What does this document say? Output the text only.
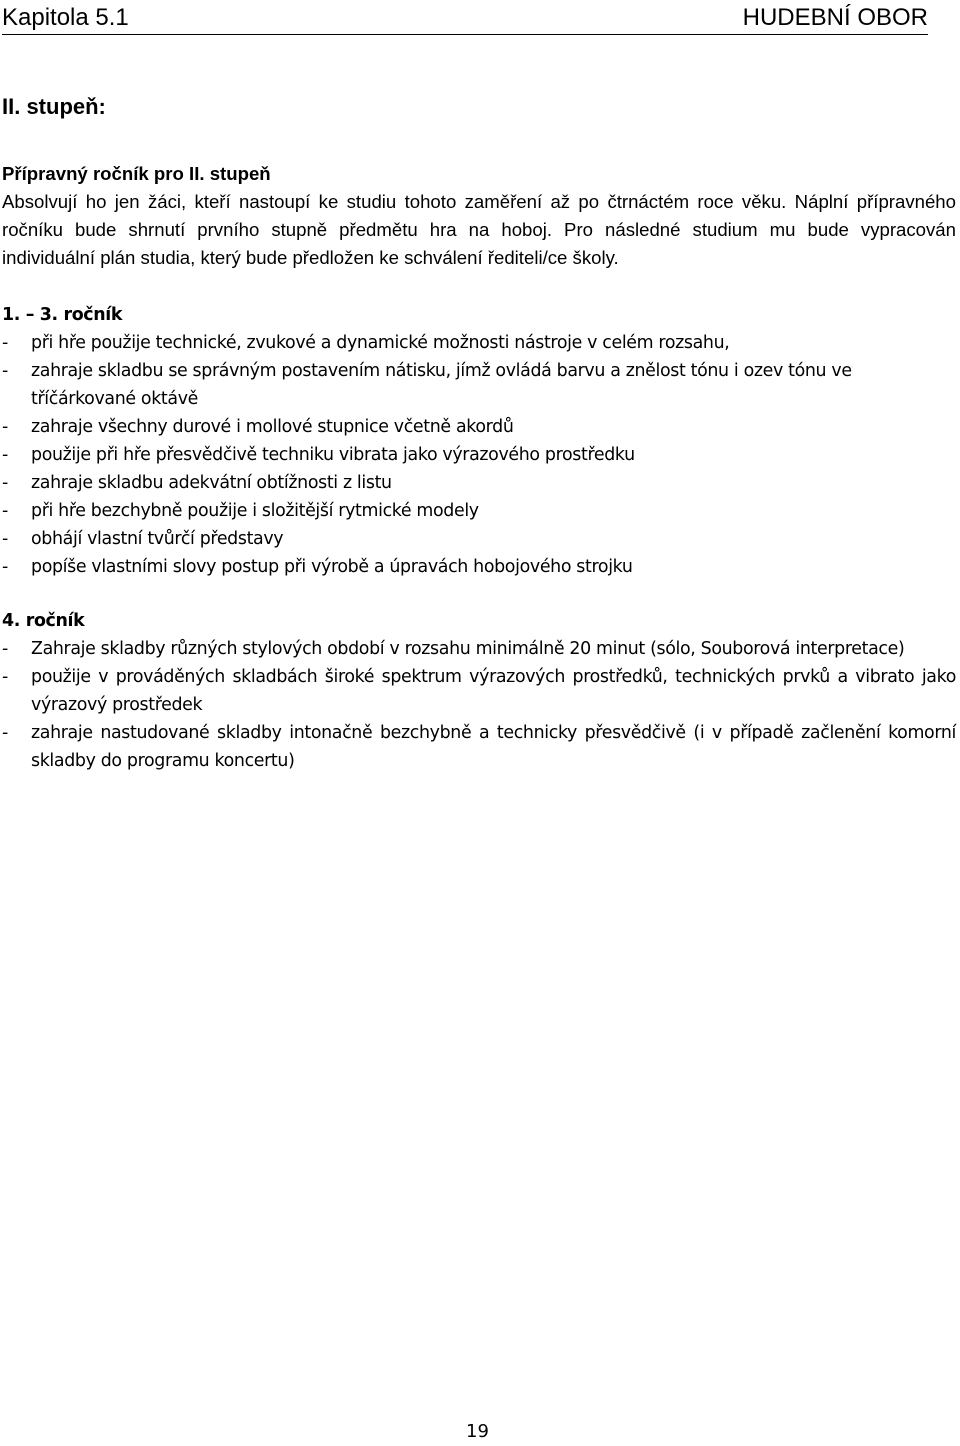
Kapitola 5.1	HUDEBNÍ OBOR
II. stupeň:
Přípravný ročník pro II. stupeň
Absolvují ho jen žáci, kteří nastoupí ke studiu tohoto zaměření až po čtrnáctém roce věku. Náplní přípravného ročníku bude shrnutí prvního stupně předmětu hra na hoboj. Pro následné studium mu bude vypracován individuální plán studia, který bude předložen ke schválení řediteli/ce školy.
1. – 3. ročník
- při hře použije technické, zvukové a dynamické možnosti nástroje v celém rozsahu,
- zahraje skladbu se správným postavením nátisku, jímž ovládá barvu a znělost tónu i ozev tónu ve tříčárkované oktávě
- zahraje všechny durové i mollové stupnice včetně akordů
- použije při hře přesvědčivě techniku vibrata jako výrazového prostředku
- zahraje skladbu adekvátní obtížnosti z listu
- při hře bezchybně použije i složitější rytmické modely
- obhájí vlastní tvůrčí představy
- popíše vlastními slovy postup při výrobě a úpravách hobojového strojku
4. ročník
- Zahraje skladby různých stylových období v rozsahu minimálně 20 minut (sólo, Souborová interpretace)
- použije v prováděných skladbách široké spektrum výrazových prostředků, technických prvků a vibrato jako výrazový prostředek
- zahraje nastudované skladby intonačně bezchybně a technicky přesvědčivě (i v případě začlenění komorní skladby do programu koncertu)
19
